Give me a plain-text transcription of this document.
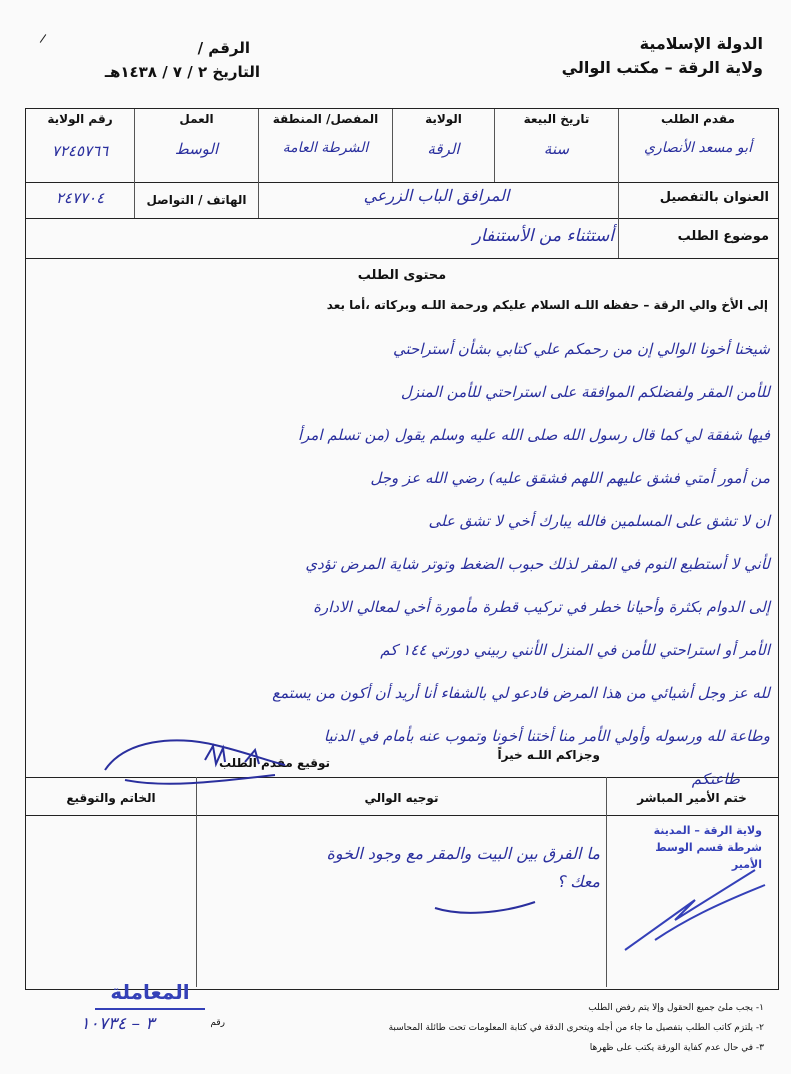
الدولة الإسلامية
ولاية الرقة – مكتب الوالي
الرقم /
التاريخ ٢ / ٧ / ١٤٣٨هـ
مقدم الطلب
تاريخ البيعة
الولاية
المفصل/ المنطقة
العمل
رقم الولاية
أبو مسعد الأنصاري
سنة
الرقة
الشرطة العامة
الوسط
٧٢٤٥٧٦٦
العنوان بالتفصيل
المرافق الباب الزرعي
الهاتف / التواصل
٢٤٧٧٠٤
موضوع الطلب
أستثناء من الأستنفار
محتوى الطلب
إلى الأخ والي الرقة – حفظه اللـه السلام عليكم ورحمة اللـه وبركاته ،أما بعد
شيخنا أخونا الوالي إن من رحمكم علي كتابي بشأن أستراحتي
للأمن المقر ولفضلكم الموافقة على استراحتي للأمن المنزل
فيها شفقة لي كما قال رسول الله صلى الله عليه وسلم يقول (من تسلم امرأ
من أمور أمتي فشق عليهم اللهم فشقق عليه) رضي الله عز وجل
ان لا تشق على المسلمين فالله يبارك أخي لا تشق على
لأني لا أستطيع النوم في المقر لذلك حبوب الضغط وتوتر شاية المرض تؤدي
إلى الدوام بكثرة وأحيانا خطر في تركيب قطرة مأمورة أخي لمعالي الادارة
الأمر أو استراحتي للأمن في المنزل الأنني ربيني دورتي ١٤٤ كم
لله عز وجل أشيائي من هذا المرض فادعو لي بالشفاء أنا أريد أن أكون من يستمع
وطاعة لله ورسوله وأولي الأمر منا أختنا أخونا وتموب عنه بأمام في الدنيا
طاعتكم
وجزاكم اللـه خيراً
توقيع مقدم الطلب
ختم الأمير المباشر
توجيه الوالي
الخاتم والتوقيع
ولاية الرقة – المدينة
شرطة قسم الوسط
الأمير
ما الفرق بين البيت والمقر مع وجود الخوة
معك ؟
المعاملة
رقم
٣ – ١٠٧٣٤
١- يجب ملئ جميع الحقول وإلا يتم رفض الطلب
٢- يلتزم كاتب الطلب بتفصيل ما جاء من أجله ويتحرى الدقة في كتابة المعلومات تحت طائلة المحاسبة
٣- في حال عدم كفاية الورقة يكتب على ظهرها
